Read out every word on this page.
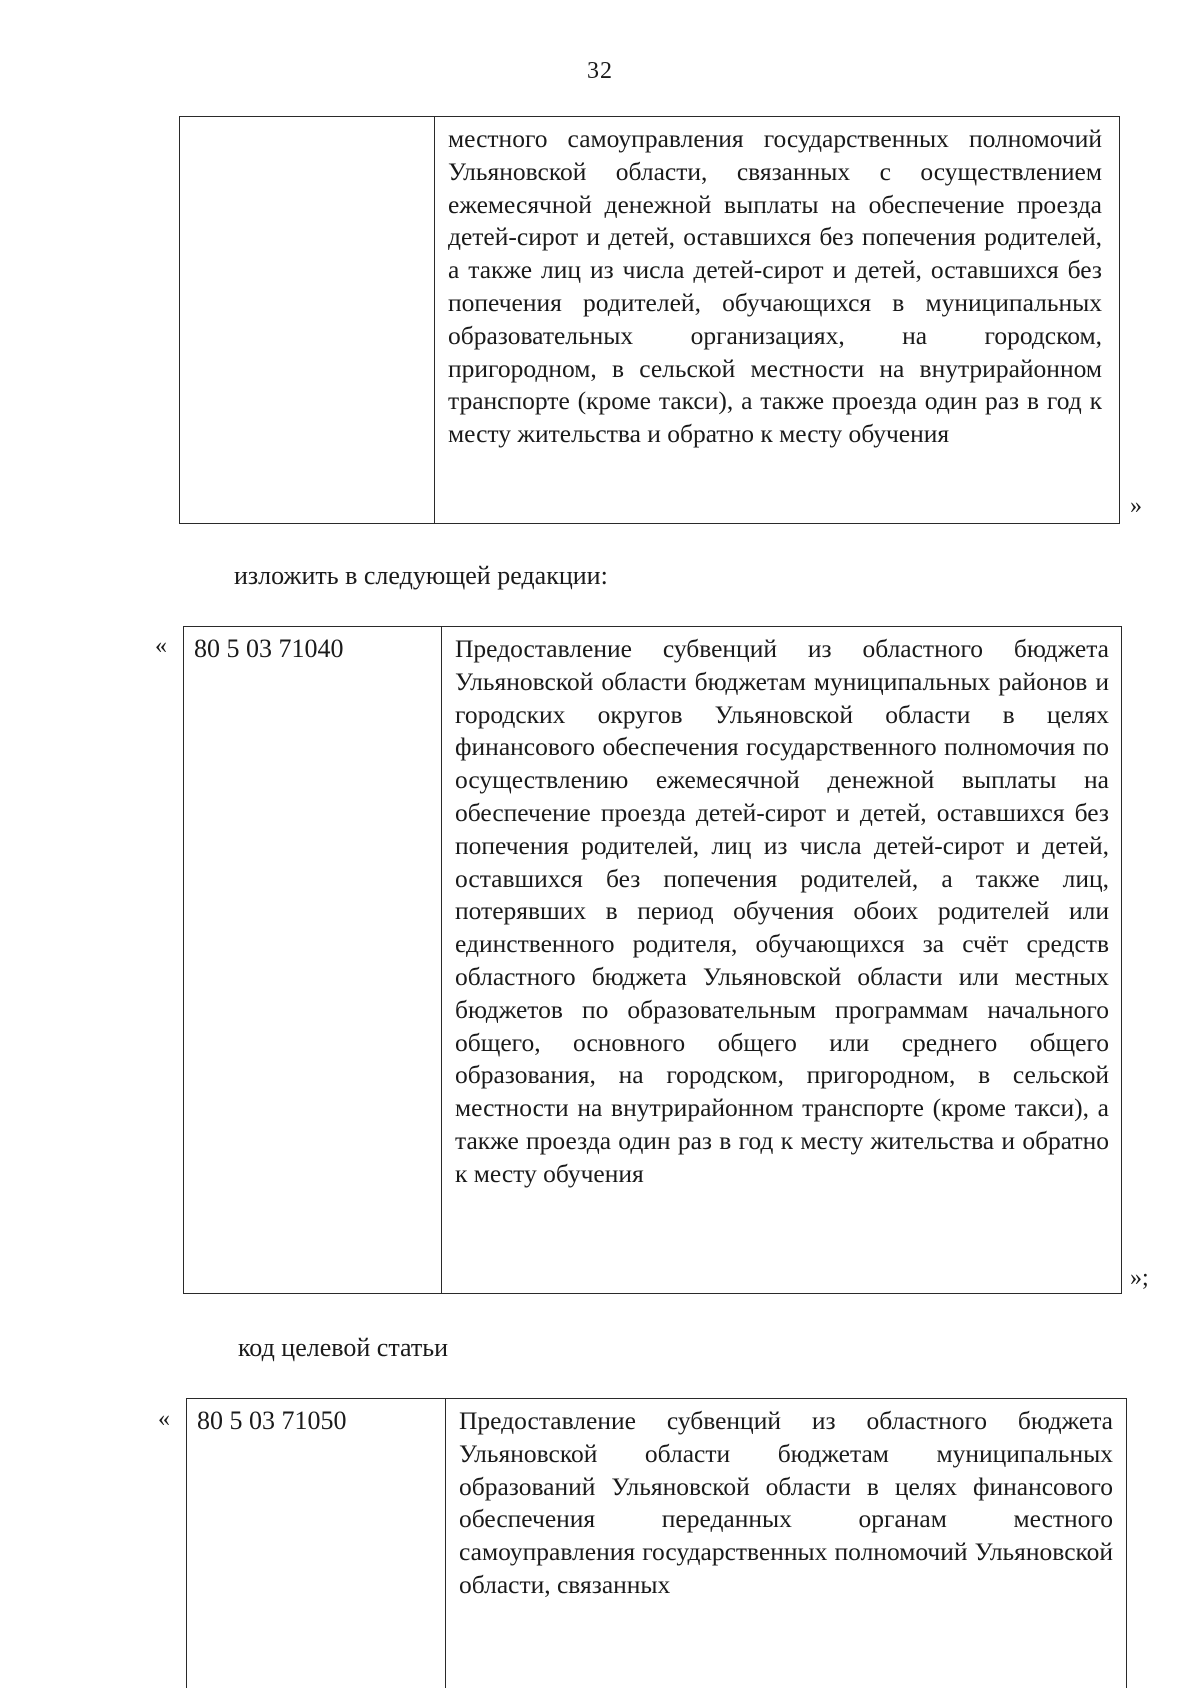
32
местного самоуправления государственных полномочий Ульяновской области, связанных с осуществлением ежемесячной денежной выплаты на обеспечение проезда детей-сирот и детей, оставшихся без попечения родителей, а также лиц из числа детей-сирот и детей, оставшихся без попечения родителей, обучающихся в муниципальных образовательных организациях, на городском, пригородном, в сельской местности на внутрирайонном транспорте (кроме такси), а также проезда один раз в год к месту жительства и обратно к месту обучения
»
изложить в следующей редакции:
« 80 5 03 71040	Предоставление субвенций из областного бюджета Ульяновской области бюджетам муниципальных районов и городских округов Ульяновской области в целях финансового обеспечения государственного полномочия по осуществлению ежемесячной денежной выплаты на обеспечение проезда детей-сирот и детей, оставшихся без попечения родителей, лиц из числа детей-сирот и детей, оставшихся без попечения родителей, а также лиц, потерявших в период обучения обоих родителей или единственного родителя, обучающихся за счёт средств областного бюджета Ульяновской области или местных бюджетов по образовательным программам начального общего, основного общего или среднего общего образования, на городском, пригородном, в сельской местности на внутрирайонном транспорте (кроме такси), а также проезда один раз в год к месту жительства и обратно к месту обучения
»;
код целевой статьи
« 80 5 03 71050	Предоставление субвенций из областного бюджета Ульяновской области бюджетам муниципальных образований Ульяновской области в целях финансового обеспечения переданных органам местного самоуправления государственных полномочий Ульяновской области, связанных
